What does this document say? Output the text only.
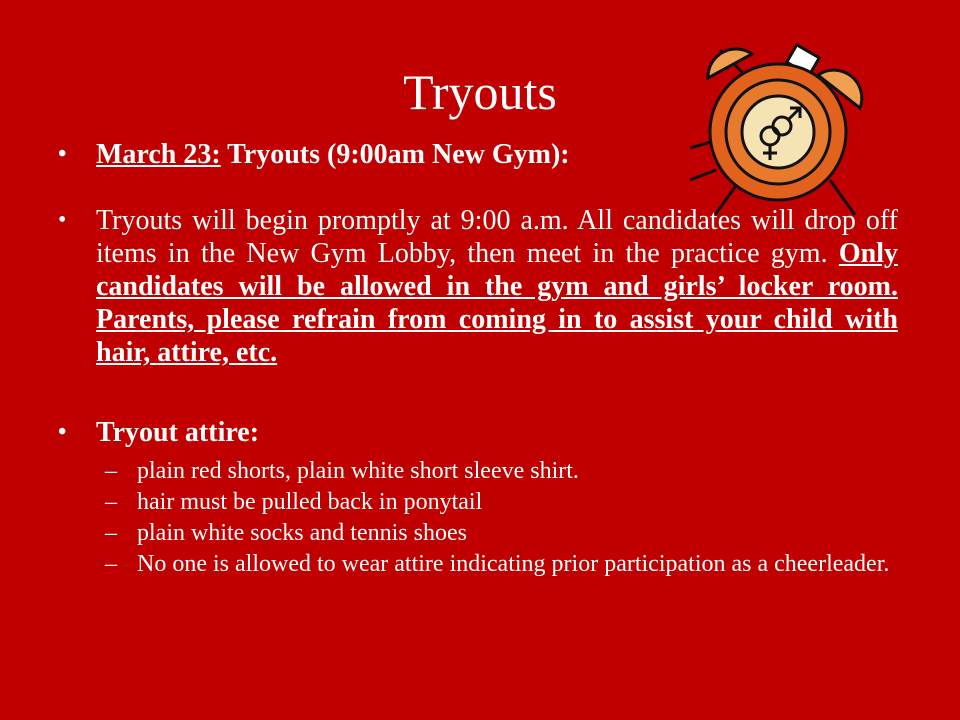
Tryouts
• March 23: Tryouts (9:00am New Gym):
• Tryouts will begin promptly at 9:00 a.m. All candidates will drop off items in the New Gym Lobby, then meet in the practice gym. Only candidates will be allowed in the gym and girls’ locker room. Parents, please refrain from coming in to assist your child with hair, attire, etc.
• Tryout attire:
– plain red shorts, plain white short sleeve shirt.
– hair must be pulled back in ponytail
– plain white socks and tennis shoes
– No one is allowed to wear attire indicating prior participation as a cheerleader.
